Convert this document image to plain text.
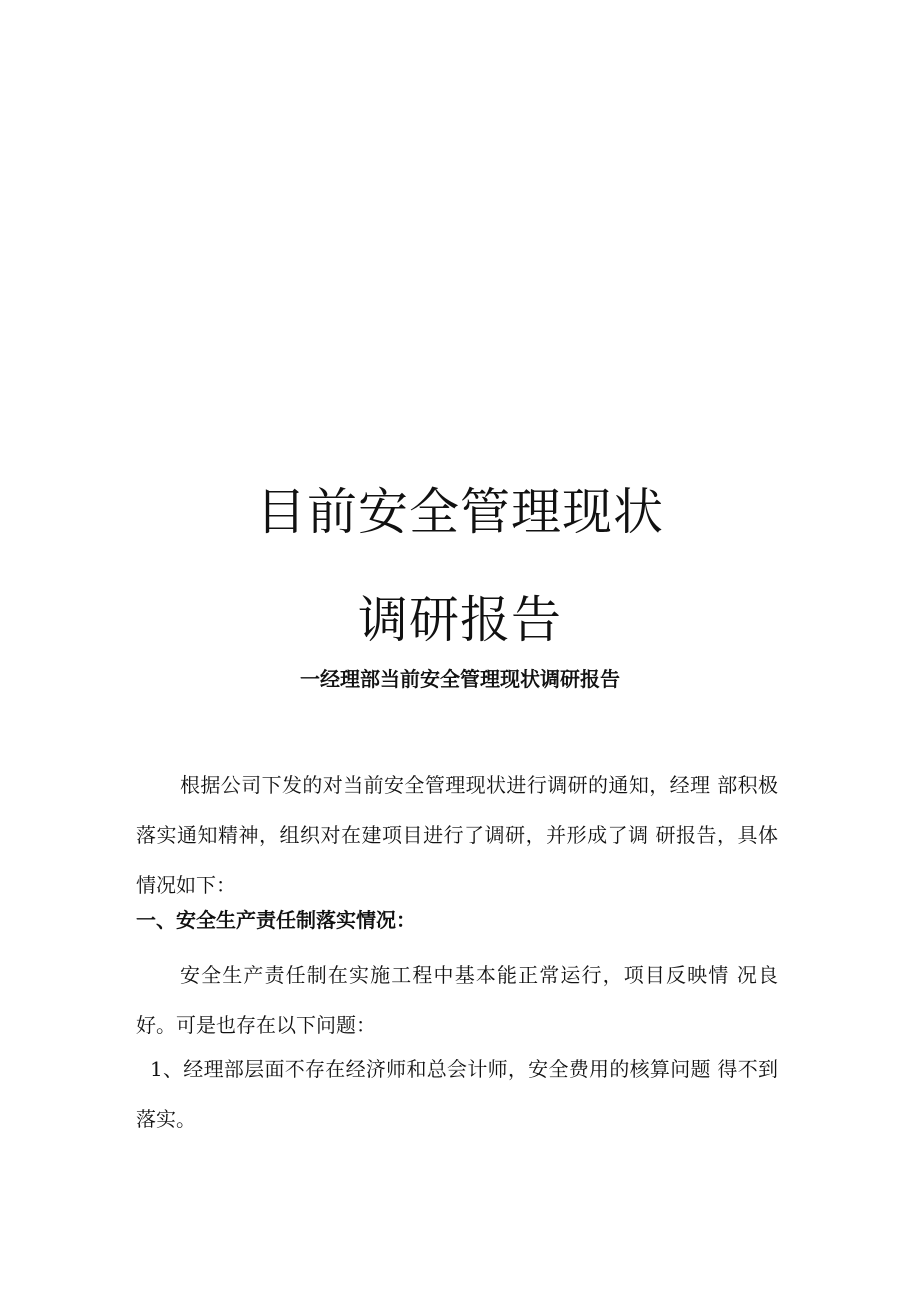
目前安全管理现状
调研报告
一经理部当前安全管理现状调研报告
根据公司下发的对当前安全管理现状进行调研的通知，经理 部积极落实通知精神，组织对在建项目进行了调研，并形成了调 研报告，具体情况如下：
一、安全生产责任制落实情况：
安全生产责任制在实施工程中基本能正常运行，项目反映情 况良好。可是也存在以下问题：
1、经理部层面不存在经济师和总会计师，安全费用的核算问题 得不到落实。
